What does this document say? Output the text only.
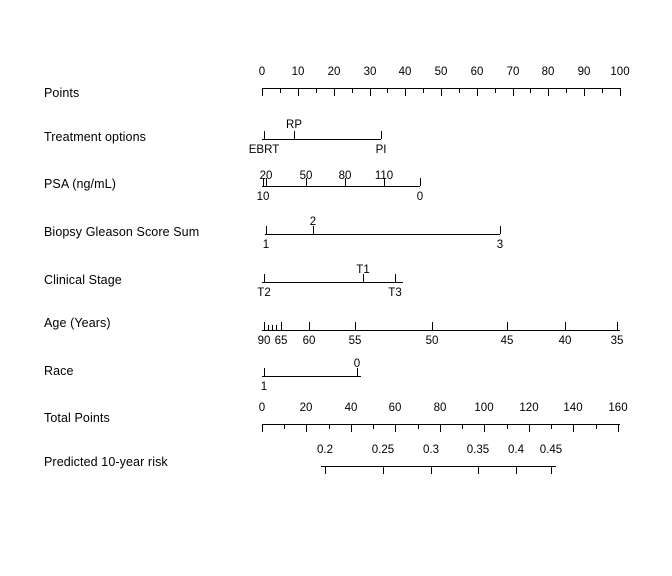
Points
0 10 20 30 40 50 60 70 80 90 100
Treatment options
EBRT	PI
RP
PSA (ng/mL)
10	0
20 50 80 110
Biopsy Gleason Score Sum
1	3
2
Clinical Stage
T2	T3
T1
Age (Years)
90 65 60	55	50	45	40	35
Race
1
0
Total Points
0	20	40	60	80 100 120 140 160
Predicted 10-year risk
0.2	0.25	0.3 0.35 0.4 0.45
